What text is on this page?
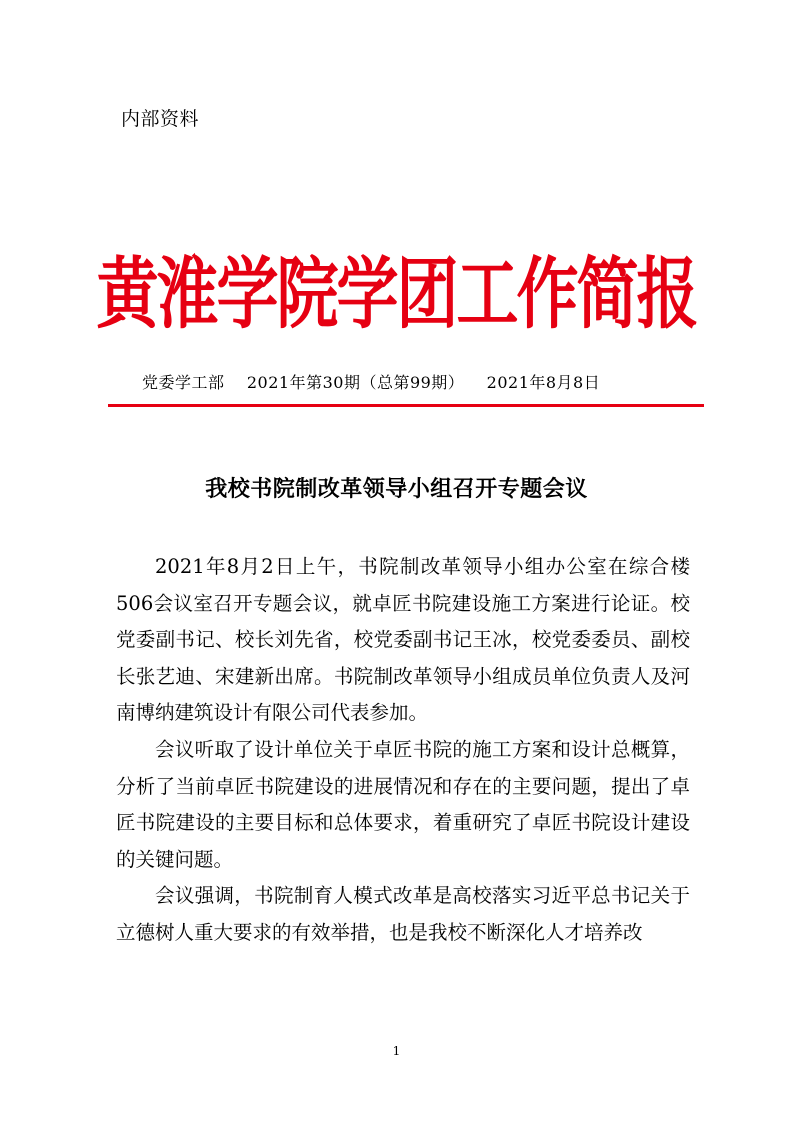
内部资料
黄淮学院学团工作简报
党委学工部 2021年第30期（总第99期） 2021年8月8日
我校书院制改革领导小组召开专题会议

2021年8月2日上午，书院制改革领导小组办公室在综合楼506会议室召开专题会议，就卓匠书院建设施工方案进行论证。校党委副书记、校长刘先省，校党委副书记王冰，校党委委员、副校长张艺迪、宋建新出席。书院制改革领导小组成员单位负责人及河南博纳建筑设计有限公司代表参加。

会议听取了设计单位关于卓匠书院的施工方案和设计总概算，分析了当前卓匠书院建设的进展情况和存在的主要问题，提出了卓匠书院建设的主要目标和总体要求，着重研究了卓匠书院设计建设的关键问题。

会议强调，书院制育人模式改革是高校落实习近平总书记关于立德树人重大要求的有效举措，也是我校不断深化人才培养改

1
